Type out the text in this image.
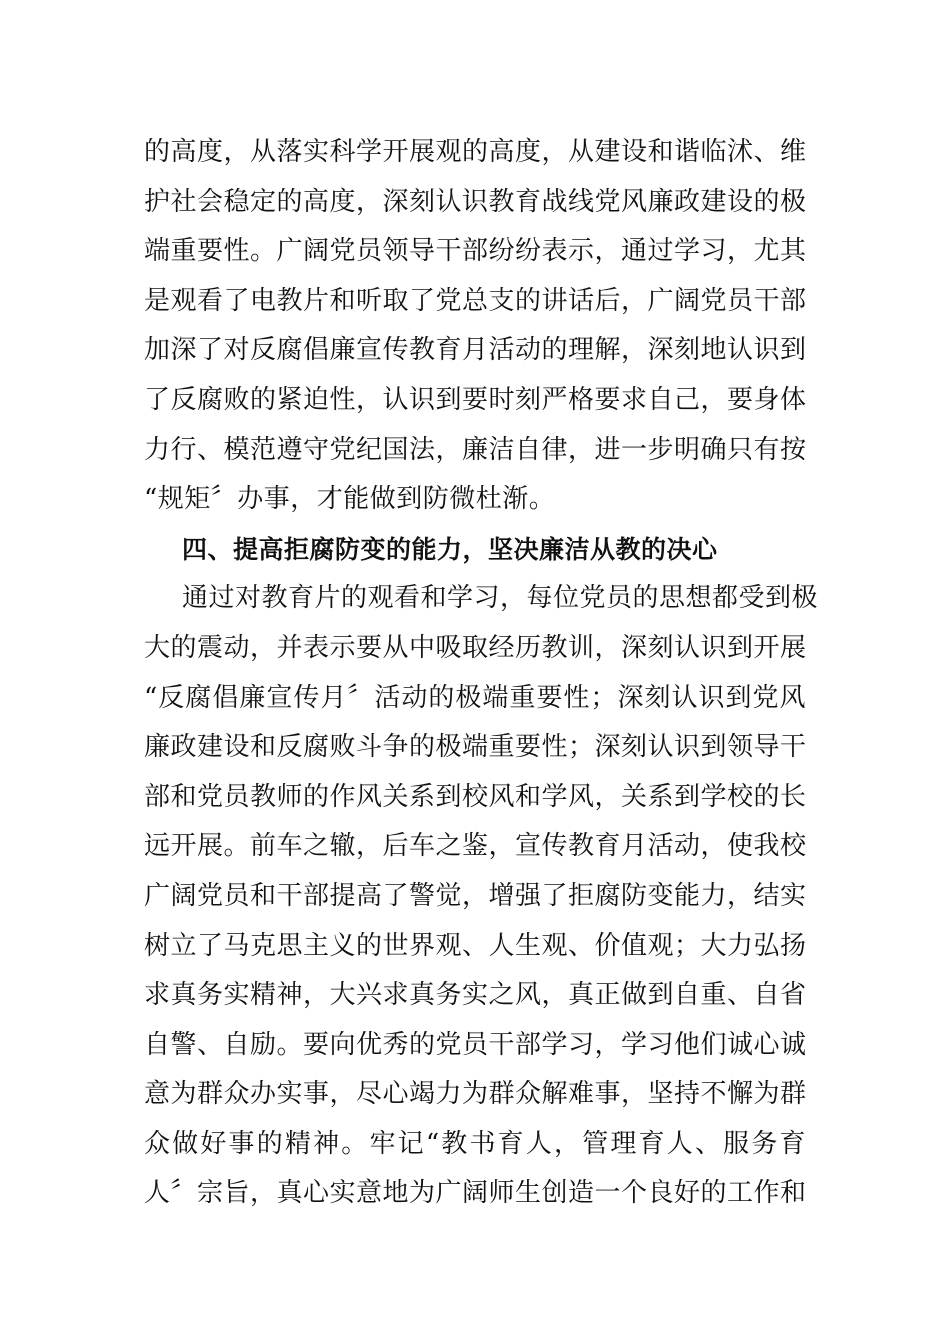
的高度，从落实科学开展观的高度，从建设和谐临沭、维
护社会稳定的高度，深刻认识教育战线党风廉政建设的极
端重要性。广阔党员领导干部纷纷表示，通过学习，尤其
是观看了电教片和听取了党总支的讲话后，广阔党员干部
加深了对反腐倡廉宣传教育月活动的理解，深刻地认识到
了反腐败的紧迫性，认识到要时刻严格要求自己，要身体
力行、模范遵守党纪国法，廉洁自律，进一步明确只有按
“规矩〞办事，才能做到防微杜渐。
四、提高拒腐防变的能力，坚决廉洁从教的决心
通过对教育片的观看和学习，每位党员的思想都受到极
大的震动，并表示要从中吸取经历教训，深刻认识到开展
“反腐倡廉宣传月〞活动的极端重要性；深刻认识到党风
廉政建设和反腐败斗争的极端重要性；深刻认识到领导干
部和党员教师的作风关系到校风和学风，关系到学校的长
远开展。前车之辙，后车之鉴，宣传教育月活动，使我校
广阔党员和干部提高了警觉，增强了拒腐防变能力，结实
树立了马克思主义的世界观、人生观、价值观；大力弘扬
求真务实精神，大兴求真务实之风，真正做到自重、自省
自警、自励。要向优秀的党员干部学习，学习他们诚心诚
意为群众办实事，尽心竭力为群众解难事，坚持不懈为群
众做好事的精神。牢记“教书育人，管理育人、服务育
人〞宗旨，真心实意地为广阔师生创造一个良好的工作和
